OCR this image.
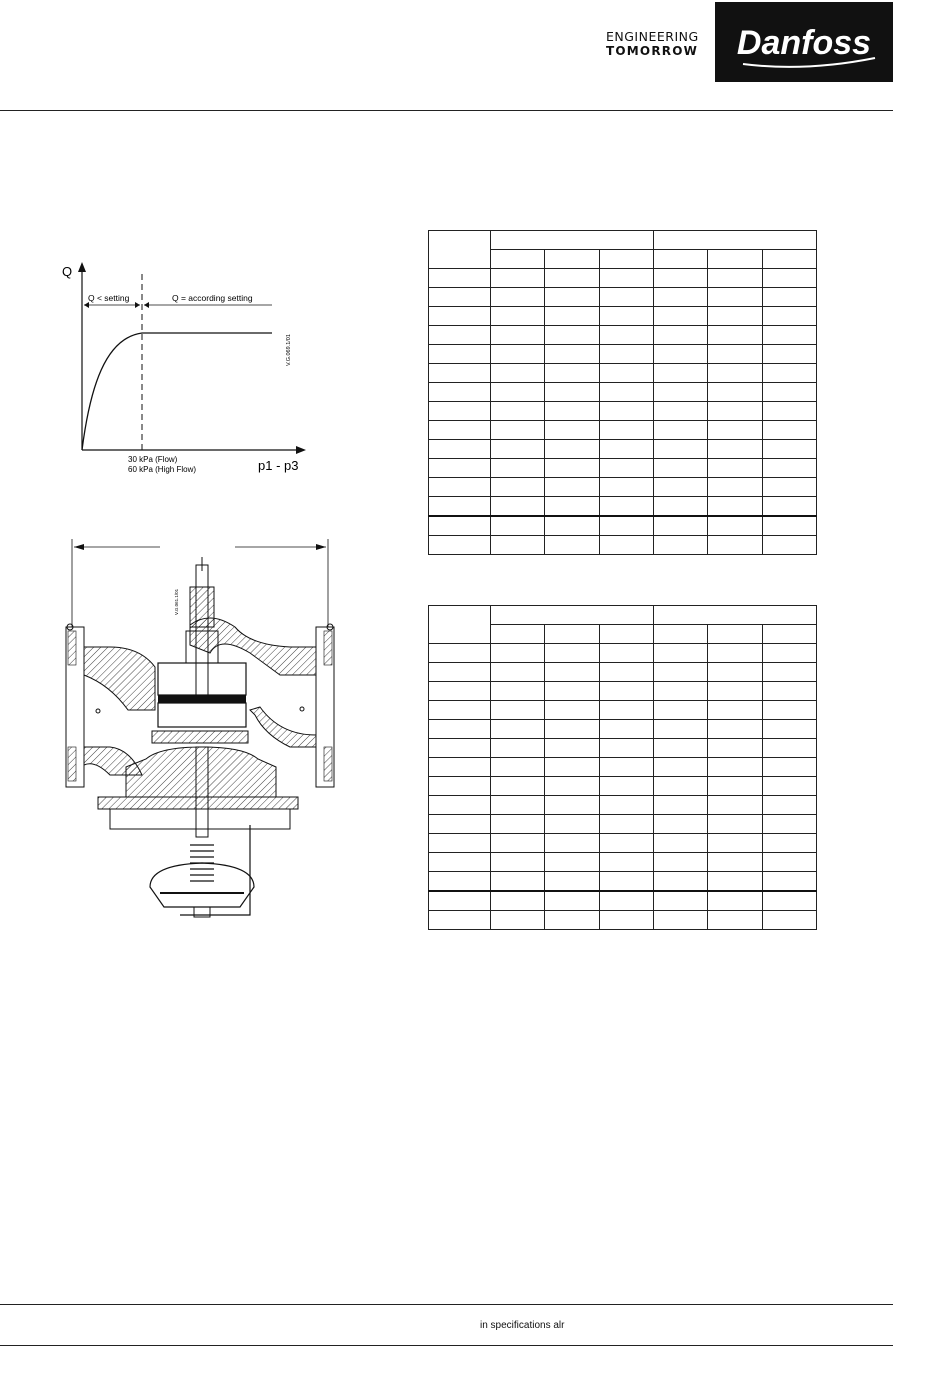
ENGINEERING
TOMORROW Danfoss
Q
p1 - p3
Q < setting	Q = according setting
30 kPa (Flow)
60 kPa (High Flow)
V.G.069.1/01
V.G.061.1/01

in specifications alr
